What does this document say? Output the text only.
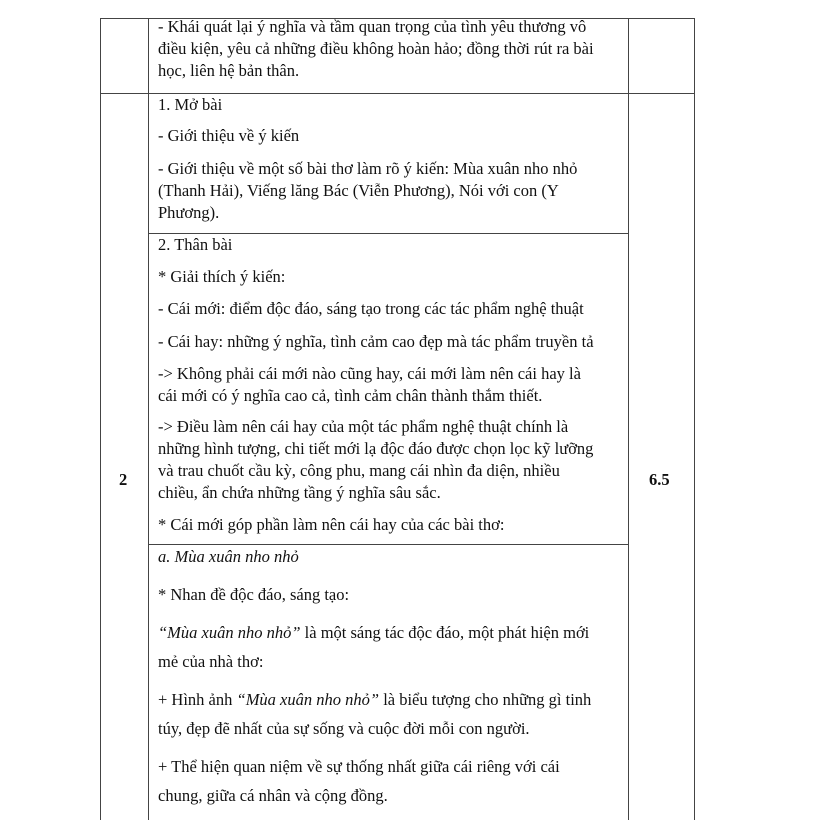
- Khái quát lại ý nghĩa và tầm quan trọng của tình yêu thương vô
điều kiện, yêu cả những điều không hoàn hảo; đồng thời rút ra bài
học, liên hệ bản thân.
2	6.5
1. Mở bài
- Giới thiệu về ý kiến
- Giới thiệu về một số bài thơ làm rõ ý kiến: Mùa xuân nho nhỏ
(Thanh Hải), Viếng lăng Bác (Viễn Phương), Nói với con (Y
Phương).
2. Thân bài
* Giải thích ý kiến:
- Cái mới: điểm độc đáo, sáng tạo trong các tác phẩm nghệ thuật
- Cái hay: những ý nghĩa, tình cảm cao đẹp mà tác phẩm truyền tả
-> Không phải cái mới nào cũng hay, cái mới làm nên cái hay là
cái mới có ý nghĩa cao cả, tình cảm chân thành thắm thiết.
-> Điều làm nên cái hay của một tác phẩm nghệ thuật chính là
những hình tượng, chi tiết mới lạ độc đáo được chọn lọc kỹ lưỡng
và trau chuốt cầu kỳ, công phu, mang cái nhìn đa diện, nhiều
chiều, ẩn chứa những tầng ý nghĩa sâu sắc.
* Cái mới góp phần làm nên cái hay của các bài thơ:
a. Mùa xuân nho nhỏ
* Nhan đề độc đáo, sáng tạo:
“Mùa xuân nho nhỏ” là một sáng tác độc đáo, một phát hiện mới
mẻ của nhà thơ:
+ Hình ảnh “Mùa xuân nho nhỏ” là biểu tượng cho những gì tinh
túy, đẹp đẽ nhất của sự sống và cuộc đời mỗi con người.
+ Thể hiện quan niệm về sự thống nhất giữa cái riêng với cái
chung, giữa cá nhân và cộng đồng.
